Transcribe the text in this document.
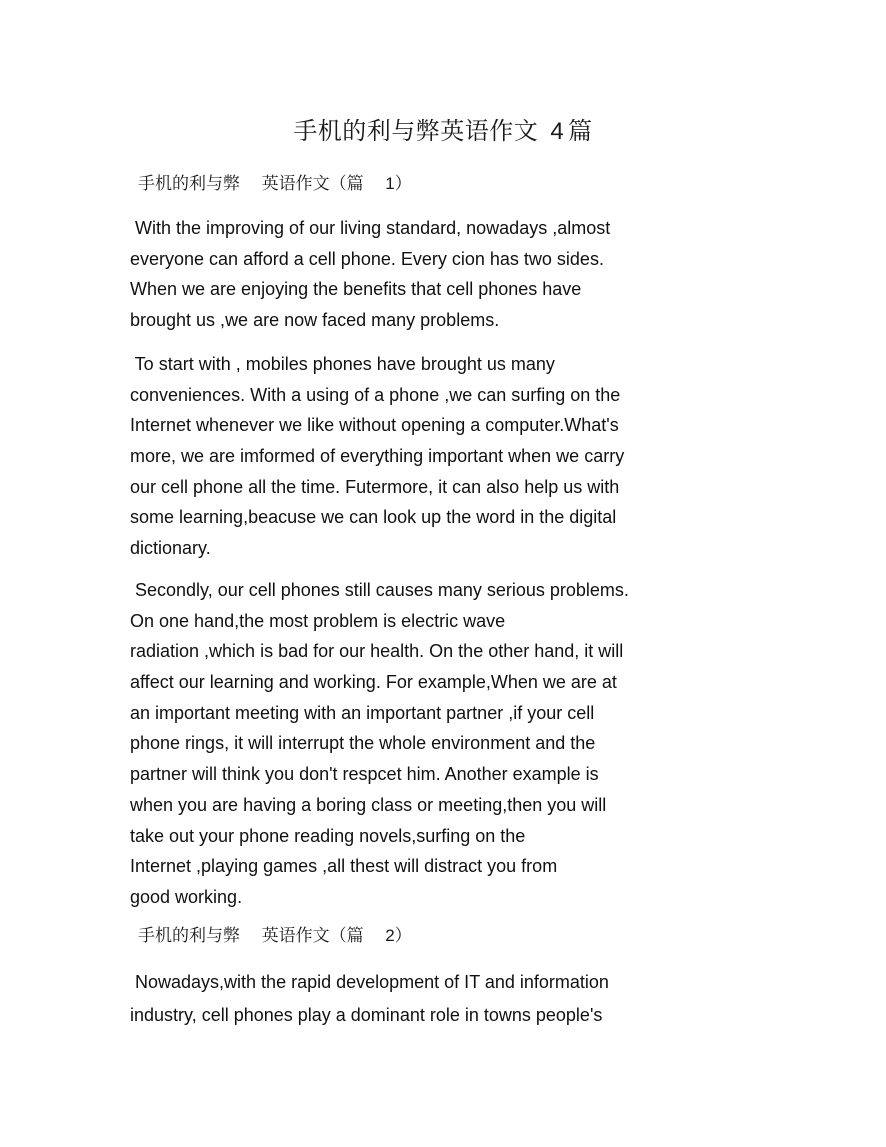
手机的利与弊英语作文 4 篇
手机的利与弊 英语作文（篇 1）
With the improving of our living standard, nowadays ,almost
everyone can afford a cell phone. Every cion has two sides.
When we are enjoying the benefits that cell phones have
brought us ,we are now faced many problems.
To start with , mobiles phones have brought us many
conveniences. With a using of a phone ,we can surfing on the
Internet whenever we like without opening a computer.What's
more, we are imformed of everything important when we carry
our cell phone all the time. Futermore, it can also help us with
some learning,beacuse we can look up the word in the digital
dictionary.
Secondly, our cell phones still causes many serious problems.
On one hand,the most problem is electric wave
radiation ,which is bad for our health. On the other hand, it will
affect our learning and working. For example,When we are at
an important meeting with an important partner ,if your cell
phone rings, it will interrupt the whole environment and the
partner will think you don't respcet him. Another example is
when you are having a boring class or meeting,then you will
take out your phone reading novels,surfing on the
Internet ,playing games ,all thest will distract you from
good working.
手机的利与弊 英语作文（篇 2）
Nowadays,with the rapid development of IT and information
industry, cell phones play a dominant role in towns people's
